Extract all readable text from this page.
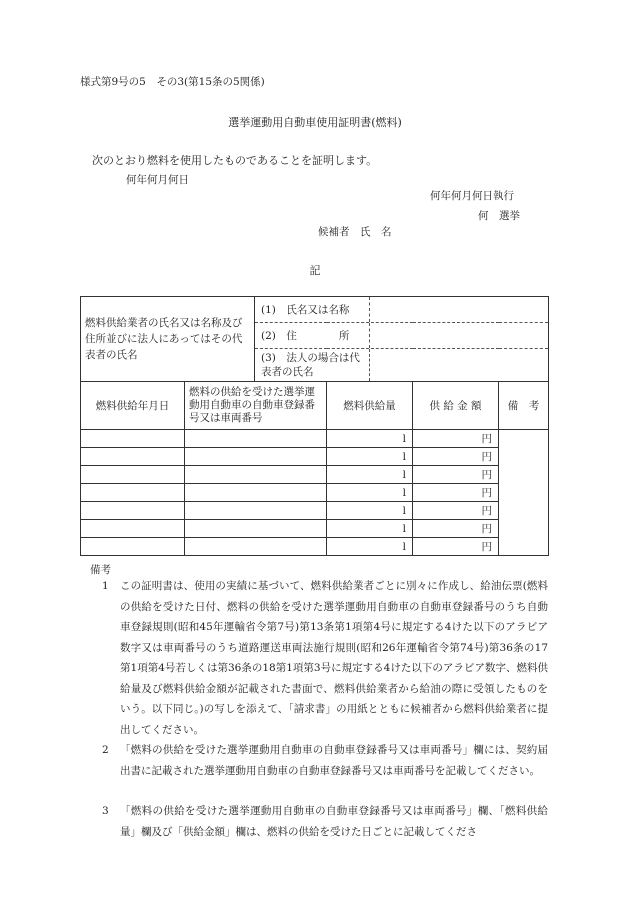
様式第9号の5　その3(第15条の5関係)
選挙運動用自動車使用証明書(燃料)
次のとおり燃料を使用したものであることを証明します。
何年何月何日
何年何月何日執行
何　選挙
候補者　氏　名
記
燃料供給業者の氏名又は名称及び住所並びに法人にあってはその代表者の氏名		(1)　氏名又は名称			

(2)　住　　　　所			

(3)　法人の場合は代表者の氏名			

燃料供給年月日	燃料の供給を受けた選挙運動用自動車の自動車登録番号又は車両番号		燃料供給量	供 給 金 額	備　考
			l	円	
			l	円	
			l	円	
			l	円	
			l	円	
			l	円	
			l	円	
備考
1 この証明書は、使用の実績に基づいて、燃料供給業者ごとに別々に作成し、給油伝票(燃料の供給を受けた日付、燃料の供給を受けた選挙運動用自動車の自動車登録番号のうち自動車登録規則(昭和45年運輸省令第7号)第13条第1項第4号に規定する4けた以下のアラビア数字又は車両番号のうち道路運送車両法施行規則(昭和26年運輸省令第74号)第36条の17第1項第4号若しくは第36条の18第1項第3号に規定する4けた以下のアラビア数字、燃料供給量及び燃料供給金額が記載された書面で、燃料供給業者から給油の際に受領したものをいう。以下同じ。)の写しを添えて、「請求書」の用紙とともに候補者から燃料供給業者に提出してください。
2 「燃料の供給を受けた選挙運動用自動車の自動車登録番号又は車両番号」欄には、契約届出書に記載された選挙運動用自動車の自動車登録番号又は車両番号を記載してください。
3 「燃料の供給を受けた選挙運動用自動車の自動車登録番号又は車両番号」欄、「燃料供給量」欄及び「供給金額」欄は、燃料の供給を受けた日ごとに記載してくださ
